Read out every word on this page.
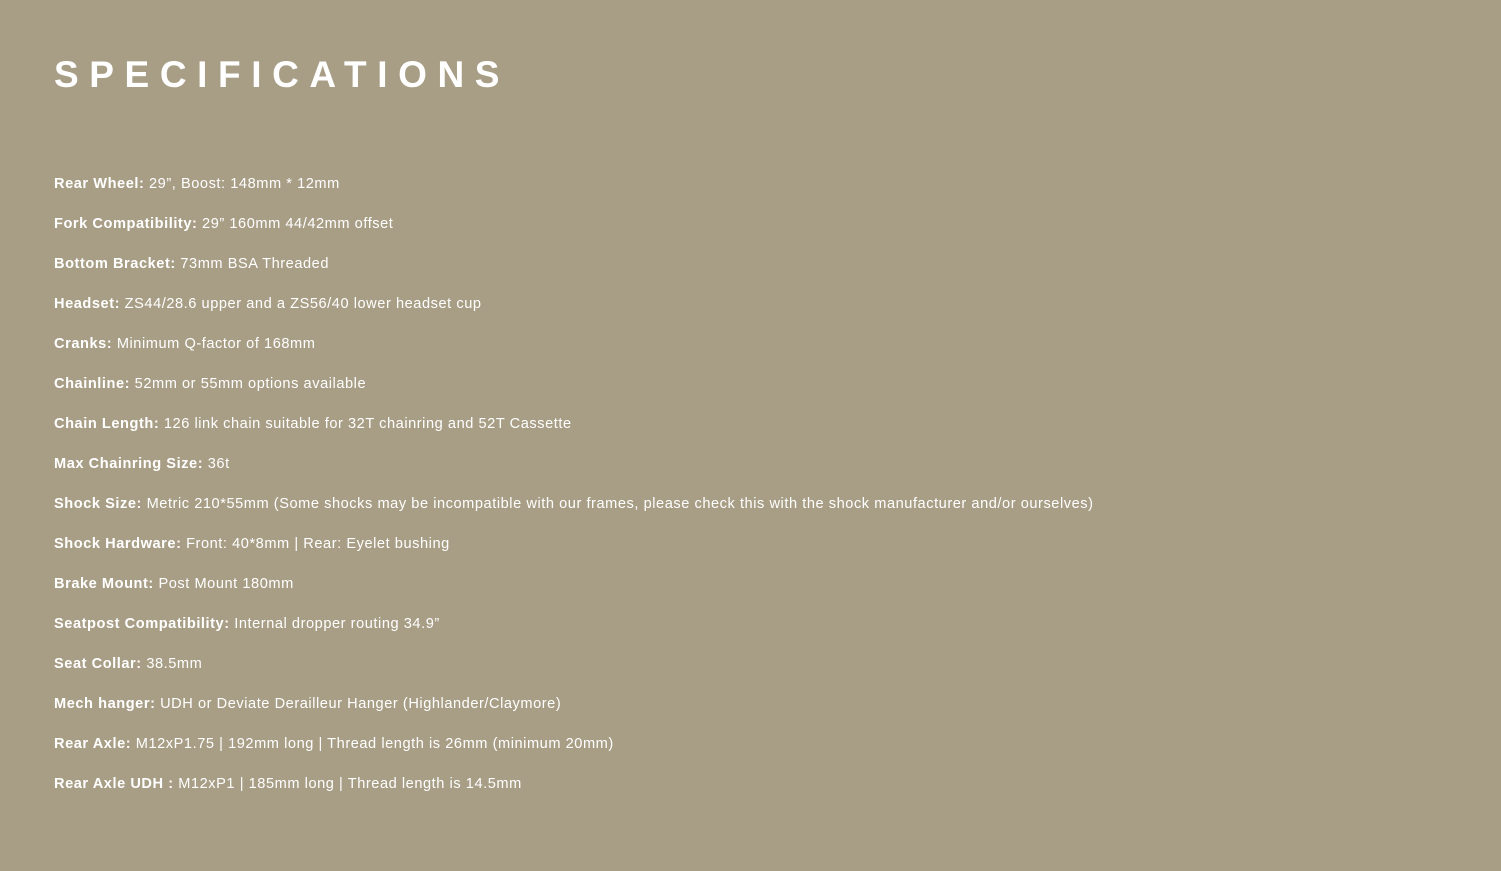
SPECIFICATIONS
Rear Wheel: 29”, Boost: 148mm * 12mm
Fork Compatibility: 29” 160mm 44/42mm offset
Bottom Bracket: 73mm BSA Threaded
Headset: ZS44/28.6 upper and a ZS56/40 lower headset cup
Cranks: Minimum Q-factor of 168mm
Chainline: 52mm or 55mm options available
Chain Length: 126 link chain suitable for 32T chainring and 52T Cassette
Max Chainring Size: 36t
Shock Size: Metric 210*55mm (Some shocks may be incompatible with our frames, please check this with the shock manufacturer and/or ourselves)
Shock Hardware: Front: 40*8mm | Rear: Eyelet bushing
Brake Mount: Post Mount 180mm
Seatpost Compatibility: Internal dropper routing 34.9”
Seat Collar: 38.5mm
Mech hanger: UDH or Deviate Derailleur Hanger (Highlander/Claymore)
Rear Axle: M12xP1.75 | 192mm long | Thread length is 26mm (minimum 20mm)
Rear Axle UDH : M12xP1 | 185mm long | Thread length is 14.5mm
